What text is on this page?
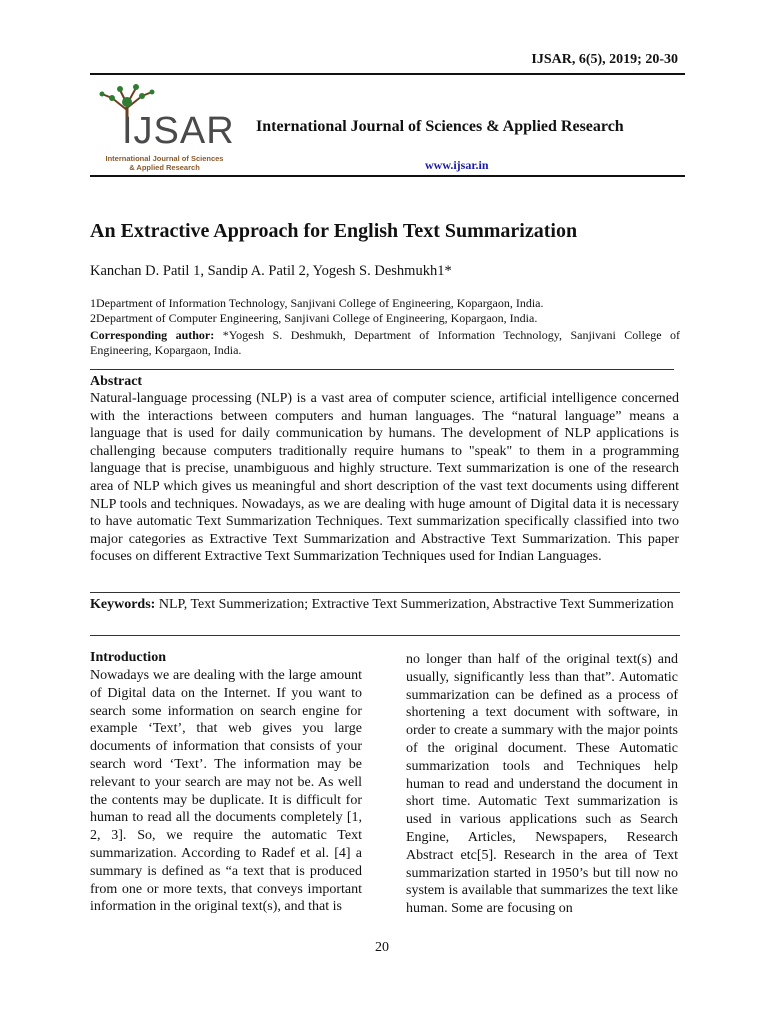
IJSAR, 6(5), 2019; 20-30
IJSAR
International Journal of Sciences & Applied Research
International Journal of Sciences & Applied Research
www.ijsar.in
An Extractive Approach for English Text Summarization
Kanchan D. Patil 1, Sandip A. Patil 2, Yogesh S. Deshmukh1*
1Department of Information Technology, Sanjivani College of Engineering, Kopargaon, India.
2Department of Computer Engineering, Sanjivani College of Engineering, Kopargaon, India.
Corresponding author: *Yogesh S. Deshmukh, Department of Information Technology, Sanjivani College of Engineering, Kopargaon, India.
Abstract
Natural-language processing (NLP) is a vast area of computer science, artificial intelligence concerned with the interactions between computers and human languages. The “natural language” means a language that is used for daily communication by humans. The development of NLP applications is challenging because computers traditionally require humans to "speak" to them in a programming language that is precise, unambiguous and highly structure. Text summarization is one of the research area of NLP which gives us meaningful and short description of the vast text documents using different NLP tools and techniques. Nowadays, as we are dealing with huge amount of Digital data it is necessary to have automatic Text Summarization Techniques. Text summarization specifically classified into two major categories as Extractive Text Summarization and Abstractive Text Summarization. This paper focuses on different Extractive Text Summarization Techniques used for Indian Languages.
Keywords: NLP, Text Summerization; Extractive Text Summerization, Abstractive Text Summerization
Introduction
Nowadays we are dealing with the large amount of Digital data on the Internet. If you want to search some information on search engine for example ‘Text’, that web gives you large documents of information that consists of your search word ‘Text’. The information may be relevant to your search are may not be. As well the contents may be duplicate. It is difficult for human to read all the documents completely [1, 2, 3]. So, we require the automatic Text summarization. According to Radef et al. [4] a summary is defined as “a text that is produced from one or more texts, that conveys important information in the original text(s), and that is
no longer than half of the original text(s) and usually, significantly less than that”. Automatic summarization can be defined as a process of shortening a text document with software, in order to create a summary with the major points of the original document. These Automatic summarization tools and Techniques help human to read and understand the document in short time. Automatic Text summarization is used in various applications such as Search Engine, Articles, Newspapers, Research Abstract etc[5]. Research in the area of Text summarization started in 1950’s but till now no system is available that summarizes the text like human. Some are focusing on
20
